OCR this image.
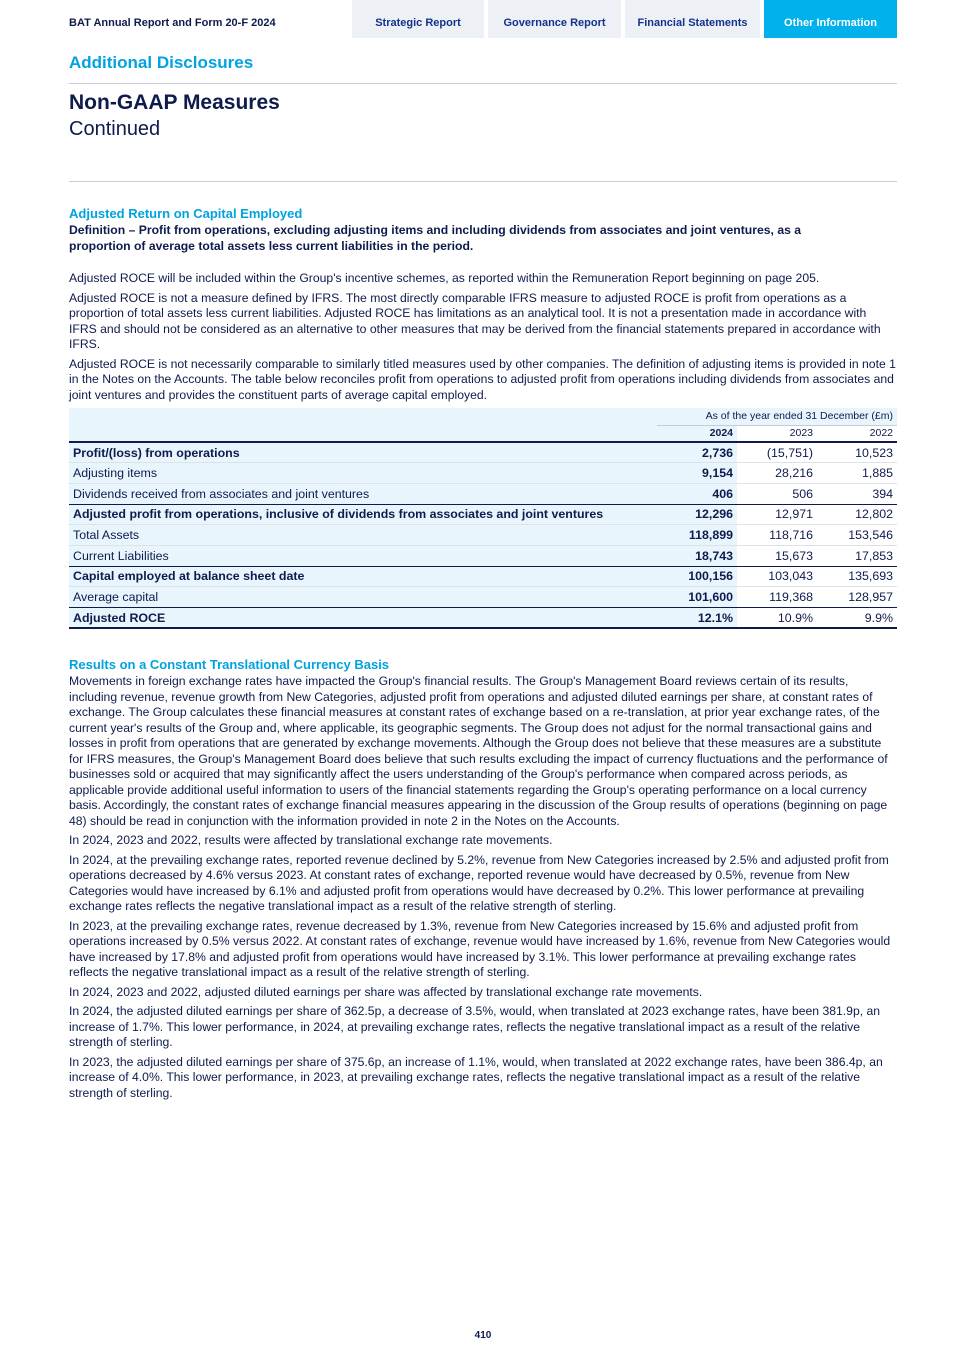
BAT Annual Report and Form 20-F 2024	Strategic Report	Governance Report	Financial Statements	Other Information
Additional Disclosures
Non-GAAP Measures
Continued
Adjusted Return on Capital Employed
Definition – Profit from operations, excluding adjusting items and including dividends from associates and joint ventures, as a proportion of average total assets less current liabilities in the period.

Adjusted ROCE will be included within the Group's incentive schemes, as reported within the Remuneration Report beginning on page 205.

Adjusted ROCE is not a measure defined by IFRS. The most directly comparable IFRS measure to adjusted ROCE is profit from operations as a proportion of total assets less current liabilities. Adjusted ROCE has limitations as an analytical tool. It is not a presentation made in accordance with IFRS and should not be considered as an alternative to other measures that may be derived from the financial statements prepared in accordance with IFRS.

Adjusted ROCE is not necessarily comparable to similarly titled measures used by other companies. The definition of adjusting items is provided in note 1 in the Notes on the Accounts. The table below reconciles profit from operations to adjusted profit from operations including dividends from associates and joint ventures and provides the constituent parts of average capital employed.

	As of the year ended 31 December (£m)		
	2024	2023	2022
Profit/(loss) from operations	2,736	(15,751)	10,523
Adjusting items	9,154	28,216	1,885
Dividends received from associates and joint ventures	406	506	394
Adjusted profit from operations, inclusive of dividends from associates and joint ventures	12,296	12,971	12,802
Total Assets	118,899	118,716	153,546
Current Liabilities	18,743	15,673	17,853
Capital employed at balance sheet date	100,156	103,043	135,693
Average capital	101,600	119,368	128,957
Adjusted ROCE	12.1%	10.9%	9.9%
Results on a Constant Translational Currency Basis

Movements in foreign exchange rates have impacted the Group's financial results. The Group's Management Board reviews certain of its results, including revenue, revenue growth from New Categories, adjusted profit from operations and adjusted diluted earnings per share, at constant rates of exchange. The Group calculates these financial measures at constant rates of exchange based on a re-translation, at prior year exchange rates, of the current year's results of the Group and, where applicable, its geographic segments. The Group does not adjust for the normal transactional gains and losses in profit from operations that are generated by exchange movements. Although the Group does not believe that these measures are a substitute for IFRS measures, the Group's Management Board does believe that such results excluding the impact of currency fluctuations and the performance of businesses sold or acquired that may significantly affect the users understanding of the Group's performance when compared across periods, as applicable provide additional useful information to users of the financial statements regarding the Group's operating performance on a local currency basis. Accordingly, the constant rates of exchange financial measures appearing in the discussion of the Group results of operations (beginning on page 48) should be read in conjunction with the information provided in note 2 in the Notes on the Accounts.

In 2024, 2023 and 2022, results were affected by translational exchange rate movements.

In 2024, at the prevailing exchange rates, reported revenue declined by 5.2%, revenue from New Categories increased by 2.5% and adjusted profit from operations decreased by 4.6% versus 2023. At constant rates of exchange, reported revenue would have decreased by 0.5%, revenue from New Categories would have increased by 6.1% and adjusted profit from operations would have decreased by 0.2%. This lower performance at prevailing exchange rates reflects the negative translational impact as a result of the relative strength of sterling.

In 2023, at the prevailing exchange rates, revenue decreased by 1.3%, revenue from New Categories increased by 15.6% and adjusted profit from operations increased by 0.5% versus 2022. At constant rates of exchange, revenue would have increased by 1.6%, revenue from New Categories would have increased by 17.8% and adjusted profit from operations would have increased by 3.1%. This lower performance at prevailing exchange rates reflects the negative translational impact as a result of the relative strength of sterling.

In 2024, 2023 and 2022, adjusted diluted earnings per share was affected by translational exchange rate movements.

In 2024, the adjusted diluted earnings per share of 362.5p, a decrease of 3.5%, would, when translated at 2023 exchange rates, have been 381.9p, an increase of 1.7%. This lower performance, in 2024, at prevailing exchange rates, reflects the negative translational impact as a result of the relative strength of sterling.

In 2023, the adjusted diluted earnings per share of 375.6p, an increase of 1.1%, would, when translated at 2022 exchange rates, have been 386.4p, an increase of 4.0%. This lower performance, in 2023, at prevailing exchange rates, reflects the negative translational impact as a result of the relative strength of sterling.

410
